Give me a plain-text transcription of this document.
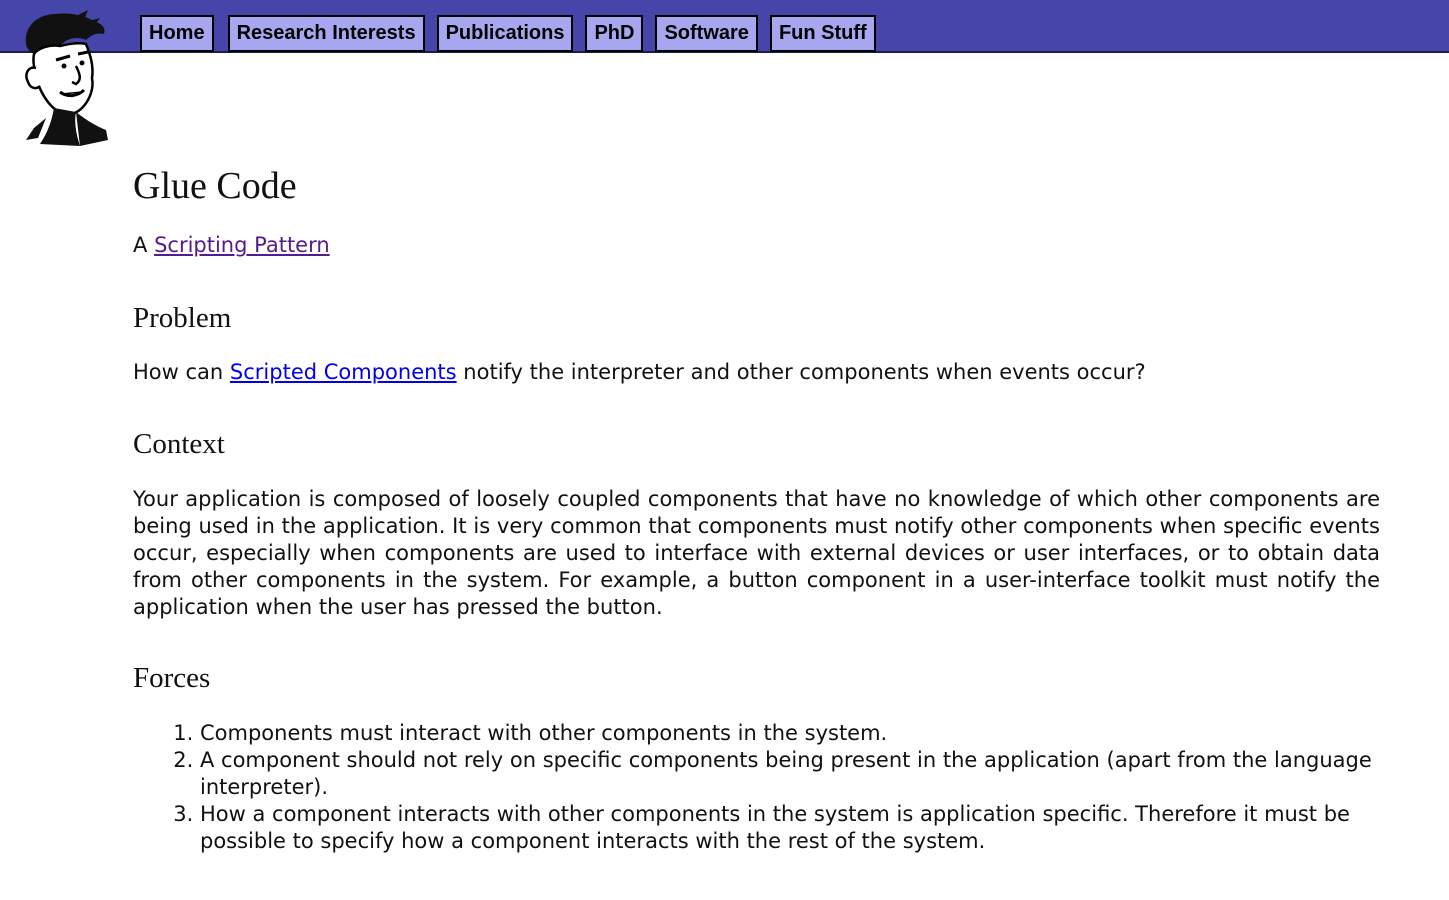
Home	Research Interests	Publications	PhD	Software	Fun Stuff
Glue Code

A Scripting Pattern

Problem

How can Scripted Components notify the interpreter and other components when events occur?

Context

Your application is composed of loosely coupled components that have no knowledge of which other components are being used in the application. It is very common that components must notify other components when specific events occur, especially when components are used to interface with external devices or user interfaces, or to obtain data from other components in the system. For example, a button component in a user-interface toolkit must notify the application when the user has pressed the button.

Forces
1. Components must interact with other components in the system.
2. A component should not rely on specific components being present in the application (apart from the language interpreter).
3. How a component interacts with other components in the system is application specific. Therefore it must be possible to specify how a component interacts with the rest of the system.
